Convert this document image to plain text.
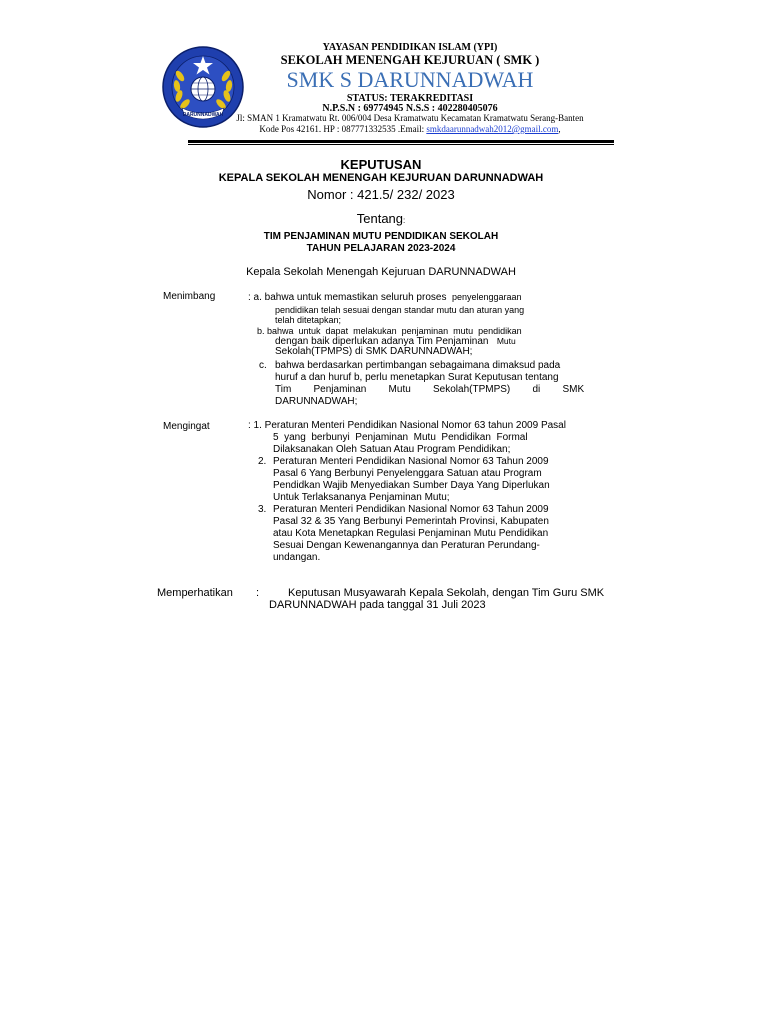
DARUNNADWAH
YAYASAN PENDIDIKAN ISLAM (YPI)
SEKOLAH MENENGAH KEJURUAN ( SMK )
SMK S DARUNNADWAH
STATUS: TERAKREDITASI
N.P.S.N : 69774945 N.S.S : 402280405076
Jl: SMAN 1 Kramatwatu Rt. 006/004 Desa Kramatwatu Kecamatan Kramatwatu Serang-Banten
Kode Pos 42161. HP : 087771332535 .Email: smkdaarunnadwah2012@gmail.com,
KEPUTUSAN
KEPALA SEKOLAH MENENGAH KEJURUAN DARUNNADWAH
Nomor : 421.5/ 232/ 2023
Tentang:
TIM PENJAMINAN MUTU PENDIDIKAN SEKOLAH
TAHUN PELAJARAN 2023-2024
Kepala Sekolah Menengah Kejuruan DARUNNADWAH
Menimbang	: a. bahwa untuk memastikan seluruh proses penyelenggaraan
pendidikan telah sesuai dengan standar mutu dan aturan yang
telah ditetapkan;
b. bahwa  untuk  dapat  melakukan  penjaminan  mutu  pendidikan
dengan baik diperlukan adanya Tim Penjaminan Mutu
Sekolah(TPMPS) di SMK DARUNNADWAH;
c. bahwa berdasarkan pertimbangan sebagaimana dimaksud pada
huruf a dan huruf b, perlu menetapkan Surat Keputusan tentang
Tim        Penjaminan        Mutu        Sekolah(TPMPS)        di        SMK
DARUNNADWAH;
Mengingat	: 1. Peraturan Menteri Pendidikan Nasional Nomor 63 tahun 2009 Pasal
5  yang  berbunyi  Penjaminan  Mutu  Pendidikan  Formal
Dilaksanakan Oleh Satuan Atau Program Pendidikan;
2. Peraturan Menteri Pendidikan Nasional Nomor 63 Tahun 2009
Pasal 6 Yang Berbunyi Penyelenggara Satuan atau Program
Pendidkan Wajib Menyediakan Sumber Daya Yang Diperlukan
Untuk Terlaksananya Penjaminan Mutu;
3. Peraturan Menteri Pendidikan Nasional Nomor 63 Tahun 2009
Pasal 32 & 35 Yang Berbunyi Pemerintah Provinsi, Kabupaten
atau Kota Menetapkan Regulasi Penjaminan Mutu Pendidikan
Sesuai Dengan Kewenangannya dan Peraturan Perundang-
undangan.
Memperhatikan :	Keputusan Musyawarah Kepala Sekolah, dengan Tim Guru SMK
DARUNNADWAH pada tanggal 31 Juli 2023
